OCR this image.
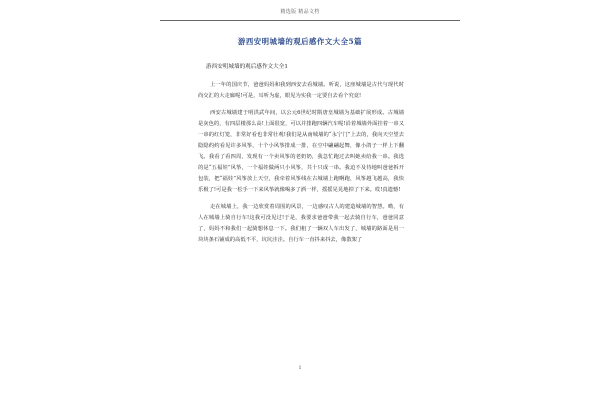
精选版 精品文档
游西安明城墙的观后感作文大全5篇
游西安明城墙的观后感作文大全1

上一年的国庆节，爸爸妈妈和我到西安去看城墙。听说，这座城墙是古代与现代时尚交汇的大走廊呢!可是，耳听为虚，眼见为实我一定要自去看个究竟!

西安古城墙建于明洪武年间，以公元6世纪时隋唐皇城墙为基础扩展形成。古城墙是灰色的，有四层楼那么高!上面很宽，可以并排跑四辆汽车呢!沿着城墙外面挂着一串又一串的红灯笼，非常好看也非常壮观!我们是从南城墙的“永宁门”上去的，我向天空望去隐隐约约看见许多风筝，十个小风筝排成一排，在空中翩翩起舞，像小鸽子一样上下翻飞。我看了看四周，发现有一个卖风筝的老奶奶，我急忙跑过去叫她卖给我一串。我选的是“五福娃”风筝，一个福娃做两只小风筝，共十只成一串。我迫不及待地叫爸爸拆开包装，把“福娃”风筝放上天空，我牵着风筝线在古城墙上跑啊跑，风筝越飞越高，我快乐极了!可是我一松手一下来风筝就像喝多了酒一样，摇摇晃晃地掉了下来。哎!真遗憾!

走在城墙上，我一边欣赏着周围的风景，一边感叹古人的建造城墙的智慧。呦，有人在城墙上骑自行车!这我可没见过!于是，我要求爸爸带我一起去骑自行车，爸爸同意了，妈妈不和我们一起骑想休息一下。我们租了一辆双人车出发了，城墙的路面是用一块块条石铺成的高低不平，坑坑洼洼。自行车一直抖来抖去，像散架了

1
